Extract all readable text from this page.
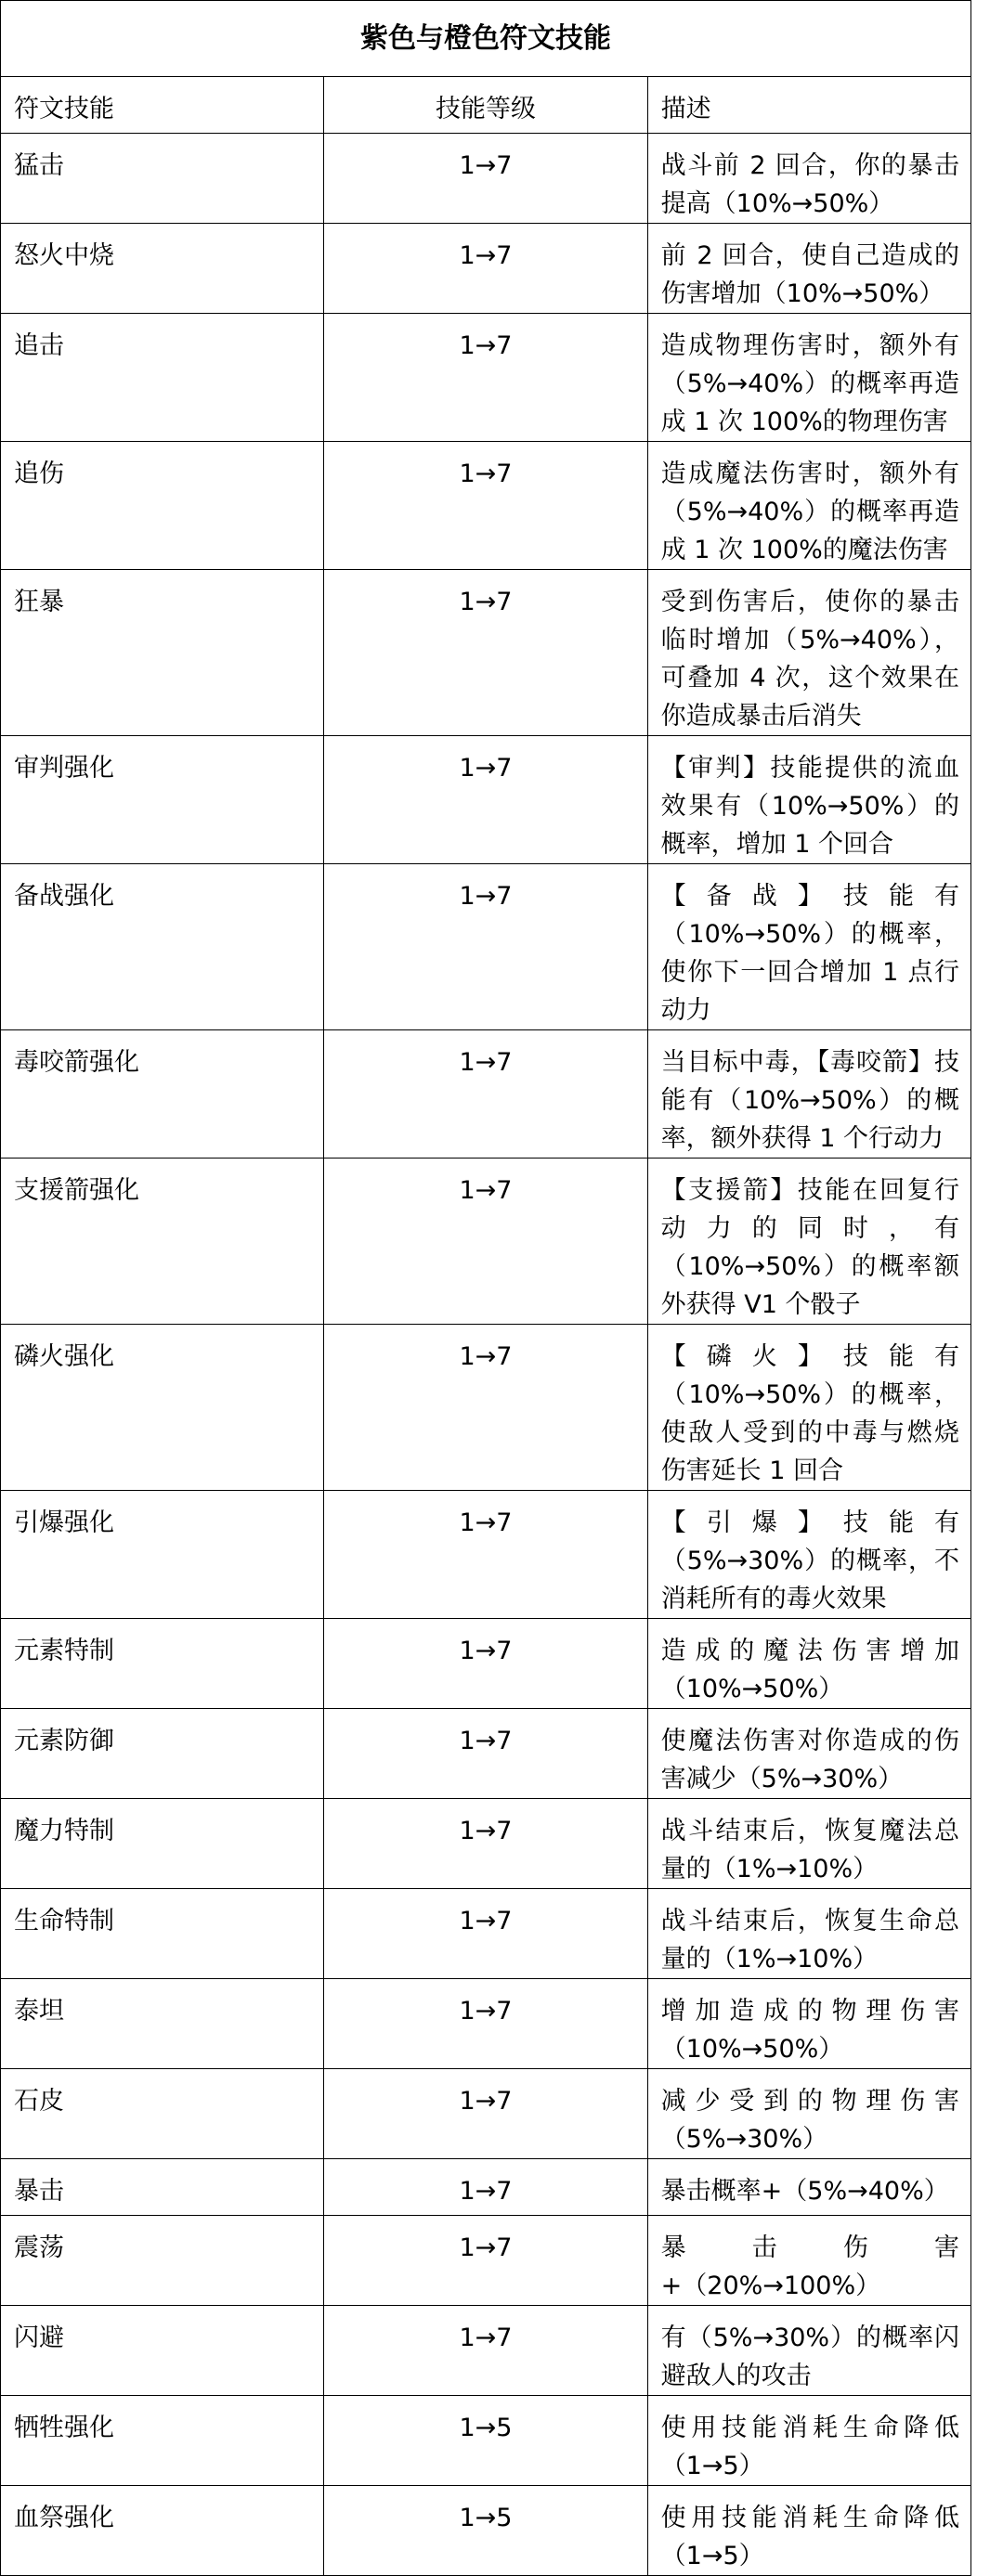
紫色与橙色符文技能		
符文技能	技能等级	描述
猛击	1→7	战斗前 2 回合，你的暴击提高（10%→50%）
怒火中烧	1→7	前 2 回合，使自己造成的伤害增加（10%→50%）
追击	1→7	造成物理伤害时，额外有（5%→40%）的概率再造成 1 次 100%的物理伤害
追伤	1→7	造成魔法伤害时，额外有（5%→40%）的概率再造成 1 次 100%的魔法伤害
狂暴	1→7	受到伤害后，使你的暴击临时增加（5%→40%），可叠加 4 次，这个效果在你造成暴击后消失
审判强化	1→7	【审判】技能提供的流血效果有（10%→50%）的概率，增加 1 个回合
备战强化	1→7	【备战】技能有（10%→50%）的概率，使你下一回合增加 1 点行动力
毒咬箭强化	1→7	当目标中毒，【毒咬箭】技能有（10%→50%）的概率，额外获得 1 个行动力
支援箭强化	1→7	【支援箭】技能在回复行动力的同时，有（10%→50%）的概率额外获得 V1 个骰子
磷火强化	1→7	【磷火】技能有（10%→50%）的概率，使敌人受到的中毒与燃烧伤害延长 1 回合
引爆强化	1→7	【引爆】技能有（5%→30%）的概率，不消耗所有的毒火效果
元素特制	1→7	造成的魔法伤害增加（10%→50%）
元素防御	1→7	使魔法伤害对你造成的伤害减少（5%→30%）
魔力特制	1→7	战斗结束后，恢复魔法总量的（1%→10%）
生命特制	1→7	战斗结束后，恢复生命总量的（1%→10%）
泰坦	1→7	增加造成的物理伤害（10%→50%）
石皮	1→7	减少受到的物理伤害（5%→30%）
暴击	1→7	暴击概率+（5%→40%）
震荡	1→7	暴击伤害+（20%→100%）
闪避	1→7	有（5%→30%）的概率闪避敌人的攻击
牺牲强化	1→5	使用技能消耗生命降低（1→5）
血祭强化	1→5	使用技能消耗生命降低（1→5）
